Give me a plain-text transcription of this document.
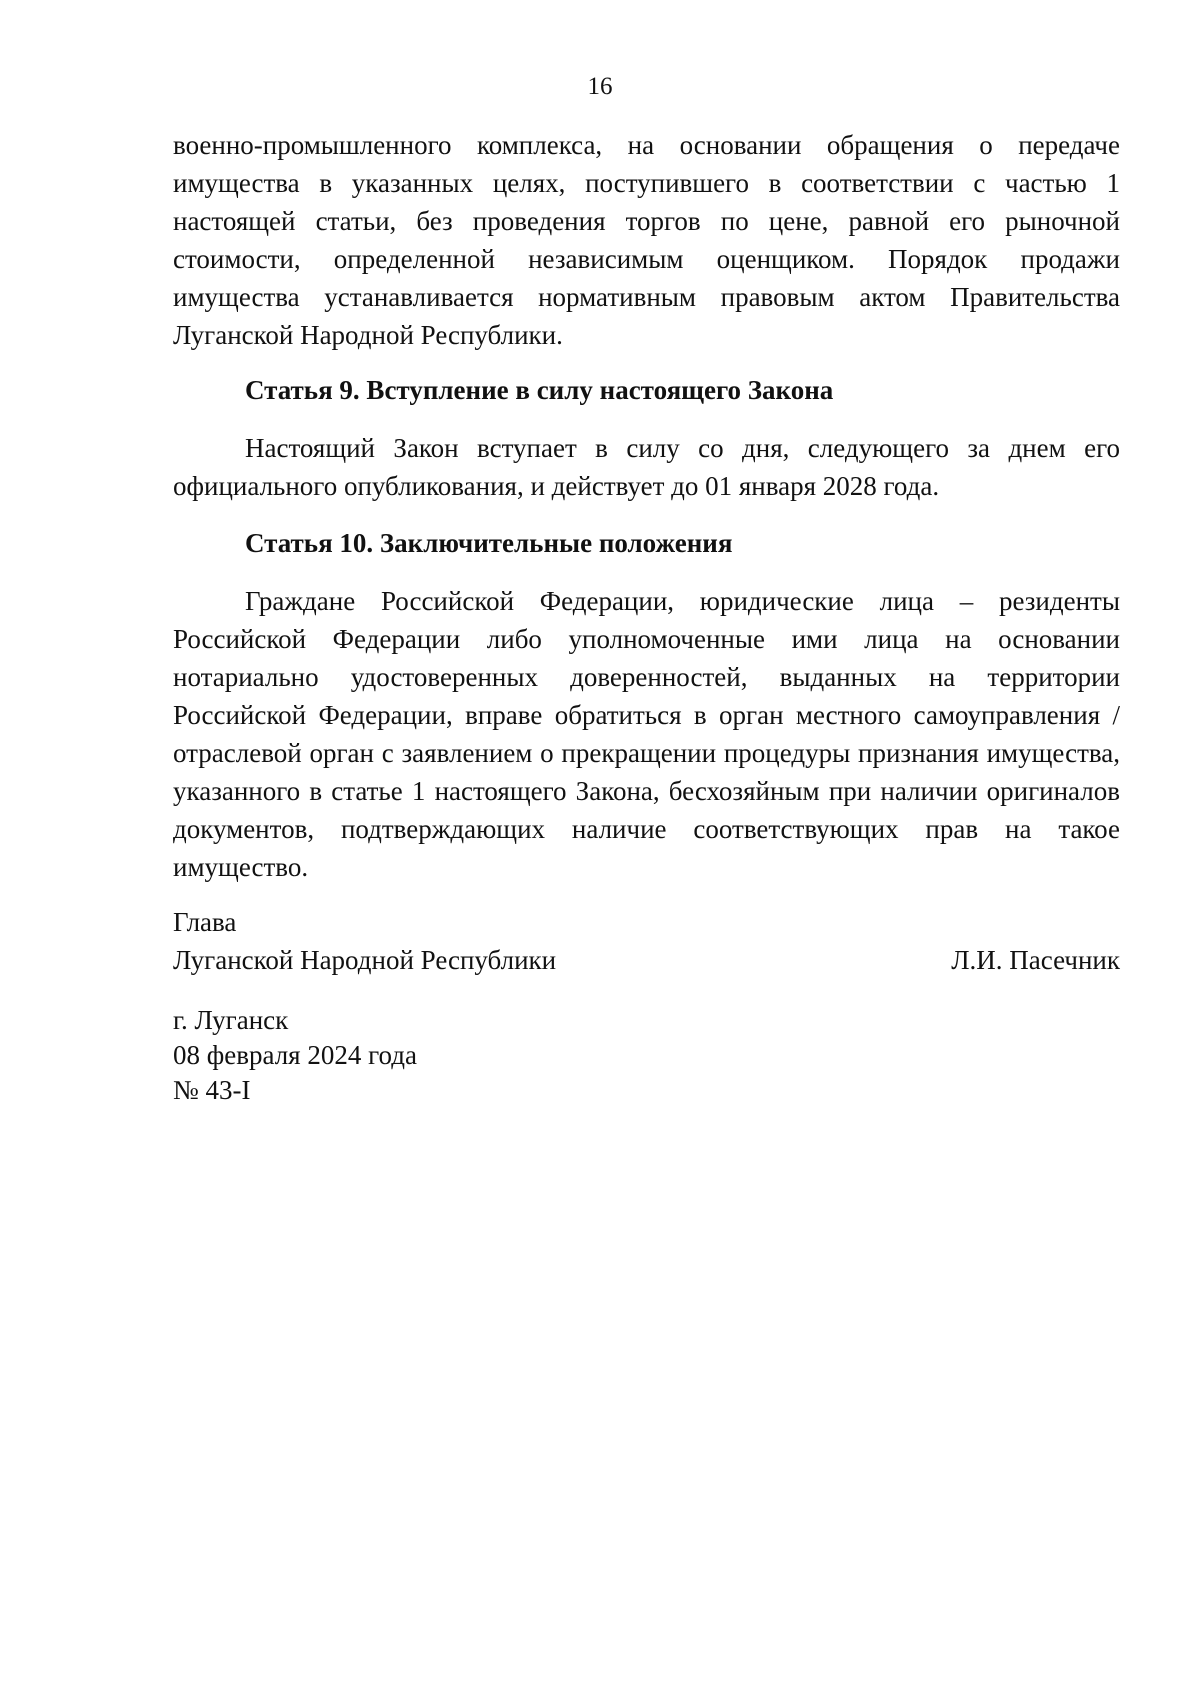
16

военно-промышленного комплекса, на основании обращения о передаче имущества в указанных целях, поступившего в соответствии с частью 1 настоящей статьи, без проведения торгов по цене, равной его рыночной стоимости, определенной независимым оценщиком. Порядок продажи имущества устанавливается нормативным правовым актом Правительства Луганской Народной Республики.

Статья 9. Вступление в силу настоящего Закона

Настоящий Закон вступает в силу со дня, следующего за днем его официального опубликования, и действует до 01 января 2028 года.

Статья 10. Заключительные положения

Граждане Российской Федерации, юридические лица – резиденты Российской Федерации либо уполномоченные ими лица на основании нотариально удостоверенных доверенностей, выданных на территории Российской Федерации, вправе обратиться в орган местного самоуправления / отраслевой орган с заявлением о прекращении процедуры признания имущества, указанного в статье 1 настоящего Закона, бесхозяйным при наличии оригиналов документов, подтверждающих наличие соответствующих прав на такое имущество.

Глава
Луганской Народной Республики	Л.И. Пасечник
г. Луганск
08 февраля 2024 года
№ 43-I
